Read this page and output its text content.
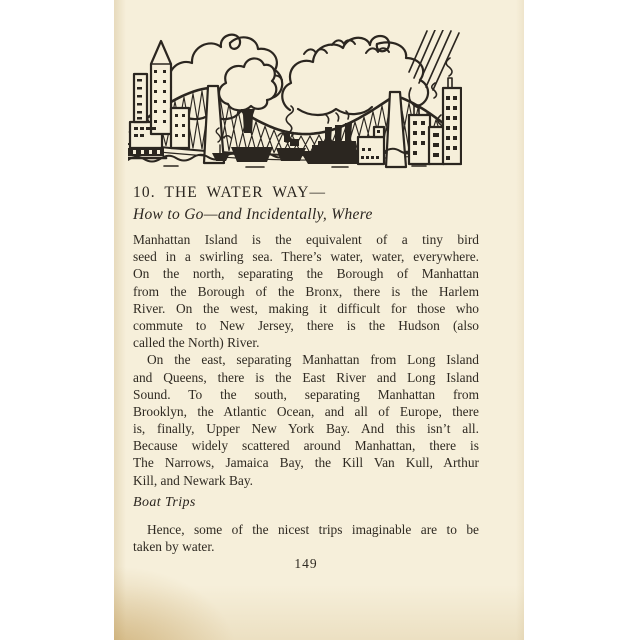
10. THE WATER WAY—
How to Go—and Incidentally, Where
Manhattan Island is the equivalent of a tiny bird
seed in a swirling sea. There’s water, water, everywhere.
On the north, separating the Borough of Manhattan
from the Borough of the Bronx, there is the Harlem
River. On the west, making it difficult for those who
commute to New Jersey, there is the Hudson (also
called the North) River.
On the east, separating Manhattan from Long Island
and Queens, there is the East River and Long Island
Sound. To the south, separating Manhattan from
Brooklyn, the Atlantic Ocean, and all of Europe, there
is, finally, Upper New York Bay. And this isn’t all.
Because widely scattered around Manhattan, there is
The Narrows, Jamaica Bay, the Kill Van Kull, Arthur
Kill, and Newark Bay.
Boat Trips
Hence, some of the nicest trips imaginable are to be
taken by water.
149
